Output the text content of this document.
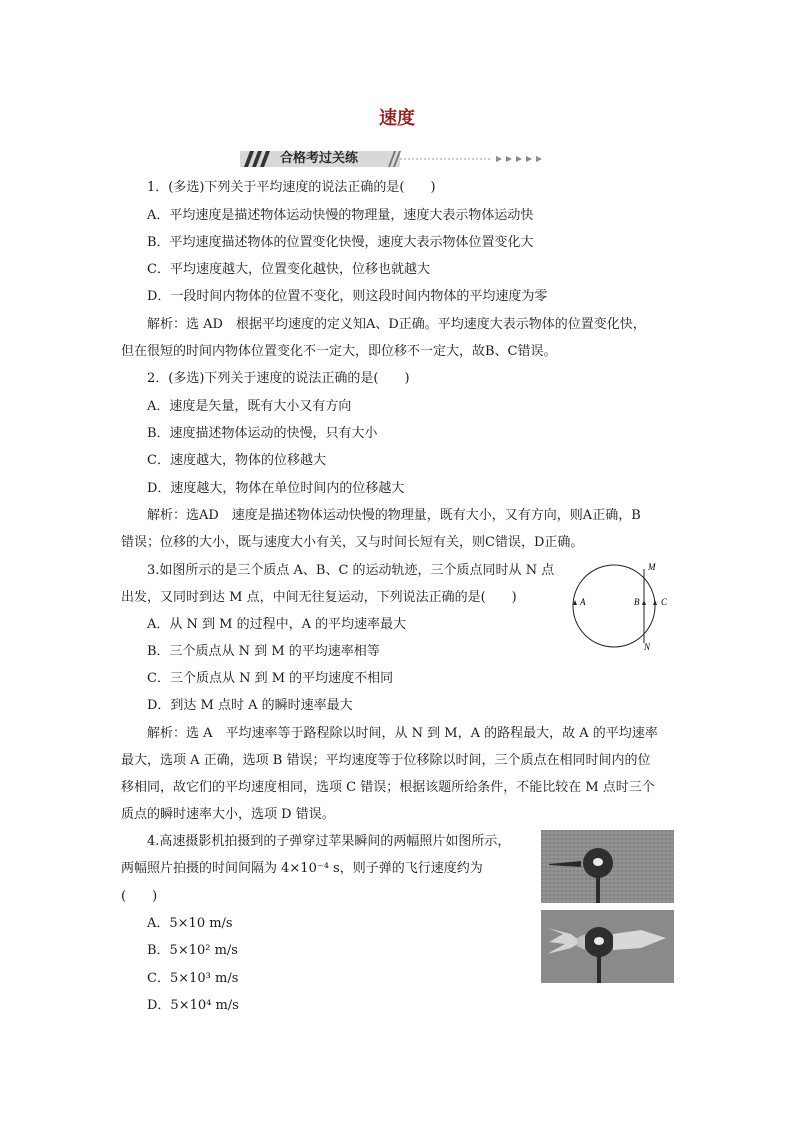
速度
合格考过关练
1．(多选)下列关于平均速度的说法正确的是(　　)
A．平均速度是描述物体运动快慢的物理量，速度大表示物体运动快
B．平均速度描述物体的位置变化快慢，速度大表示物体位置变化大
C．平均速度越大，位置变化越快，位移也就越大
D．一段时间内物体的位置不变化，则这段时间内物体的平均速度为零
解析：选 AD　根据平均速度的定义知A、D正确。平均速度大表示物体的位置变化快，
但在很短的时间内物体位置变化不一定大，即位移不一定大，故B、C错误。
2．(多选)下列关于速度的说法正确的是(　　)
A．速度是矢量，既有大小又有方向
B．速度描述物体运动的快慢，只有大小
C．速度越大，物体的位移越大
D．速度越大，物体在单位时间内的位移越大
解析：选AD　速度是描述物体运动快慢的物理量，既有大小，又有方向，则A正确，B
错误；位移的大小，既与速度大小有关，又与时间长短有关，则C错误，D正确。
3.如图所示的是三个质点 A、B、C 的运动轨迹，三个质点同时从 N 点
出发，又同时到达 M 点，中间无往复运动，下列说法正确的是(　　)
A．从 N 到 M 的过程中，A 的平均速率最大
B．三个质点从 N 到 M 的平均速率相等
C．三个质点从 N 到 M 的平均速度不相同
D．到达 M 点时 A 的瞬时速率最大
解析：选 A　平均速率等于路程除以时间，从 N 到 M，A 的路程最大，故 A 的平均速率
最大，选项 A 正确，选项 B 错误；平均速度等于位移除以时间，三个质点在相同时间内的位
移相同，故它们的平均速度相同，选项 C 错误；根据该题所给条件，不能比较在 M 点时三个
质点的瞬时速率大小，选项 D 错误。
M
N
A	B C
4.高速摄影机拍摄到的子弹穿过苹果瞬间的两幅照片如图所示，
两幅照片拍摄的时间间隔为 4×10⁻⁴ s，则子弹的飞行速度约为
(　　)
A．5×10 m/s
B．5×10² m/s
C．5×10³ m/s
D．5×10⁴ m/s
